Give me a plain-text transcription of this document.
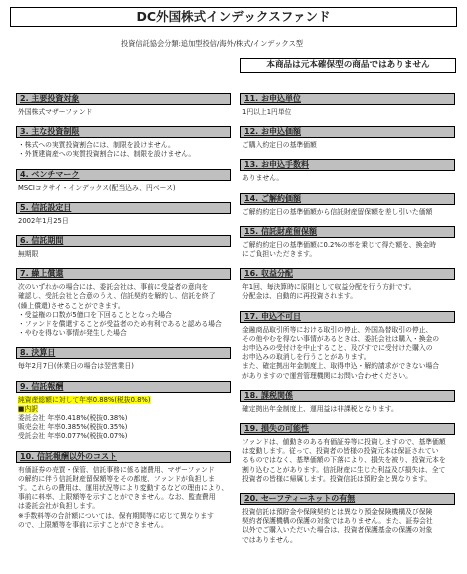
DC外国株式インデックスファンド
投資信託協会分類:追加型投信/海外/株式/インデックス型
本商品は元本確保型の商品ではありません
2. 主要投資対象
外国株式マザーファンド
3. 主な投資制限
・株式への実質投資割合には、制限を設けません。
・外貨建資産への実質投資割合には、制限を設けません。
4. ベンチマーク
MSCIコクサイ・インデックス(配当込み、円ベース)
5. 信託設定日
2002年1月25日
6. 信託期間
無期限
7. 繰上償還
次のいずれかの場合には、委託会社は、事前に受益者の意向を
確認し、受託会社と合意のうえ、信託契約を解約し、信託を終了
(繰上償還)させることができます。
・受益権の口数が5億口を下回ることとなった場合
・ファンドを償還することが受益者のため有利であると認める場合
・やむを得ない事情が発生した場合
8. 決算日
毎年2月7日(休業日の場合は翌営業日)
9. 信託報酬
純資産総額に対して年率0.88%(税抜0.8%)
■内訳
委託会社 年率0.418%(税抜0.38%)
販売会社 年率0.385%(税抜0.35%)
受託会社 年率0.077%(税抜0.07%)
10. 信託報酬以外のコスト
有価証券の売買・保管、信託事務に係る諸費用、マザーファンド
の解約に伴う信託財産留保額等をその都度、ファンドが負担しま
す。これらの費用は、運用状況等により変動するなどの理由により、
事前に料率、上限額等を示すことができません。なお、監査費用
は委託会社が負担します。
※手数料等の合計額については、保有期間等に応じて異なります
ので、上限額等を事前に示すことができません。
11. お申込単位
1円以上1円単位
12. お申込価額
ご購入約定日の基準価額
13. お申込手数料
ありません。
14. ご解約価額
ご解約約定日の基準価額から信託財産留保額を差し引いた価額
15. 信託財産留保額
ご解約約定日の基準価額に0.2%の率を乗じて得た額を、換金時
にご負担いただきます。
16. 収益分配
年1回、毎決算時に原則として収益分配を行う方針です。
分配金は、自動的に再投資されます。
17. 申込不可日
金融商品取引所等における取引の停止、外国為替取引の停止、
その他やむを得ない事情があるときは、委託会社は購入・換金の
お申込みの受付けを中止すること、及びすでに受付けた購入の
お申込みの取消しを行うことがあります。
また、確定拠出年金制度上、取得申込・解約請求ができない場合
がありますので運営管理機関にお問い合わせください。
18. 課税関係
確定拠出年金制度上、運用益は非課税となります。
19. 損失の可能性
ファンドは、値動きのある有価証券等に投資しますので、基準価額
は変動します。従って、投資者の皆様の投資元本は保証されてい
るものではなく、基準価額の下落により、損失を被り、投資元本を
割り込むことがあります。信託財産に生じた利益及び損失は、全て
投資者の皆様に帰属します。投資信託は預貯金と異なります。
20. セーフティーネットの有無
投資信託は預貯金や保険契約とは異なり預金保険機構及び保険
契約者保護機構の保護の対象ではありません。また、証券会社
以外でご購入いただいた場合は、投資者保護基金の保護の対象
ではありません。
